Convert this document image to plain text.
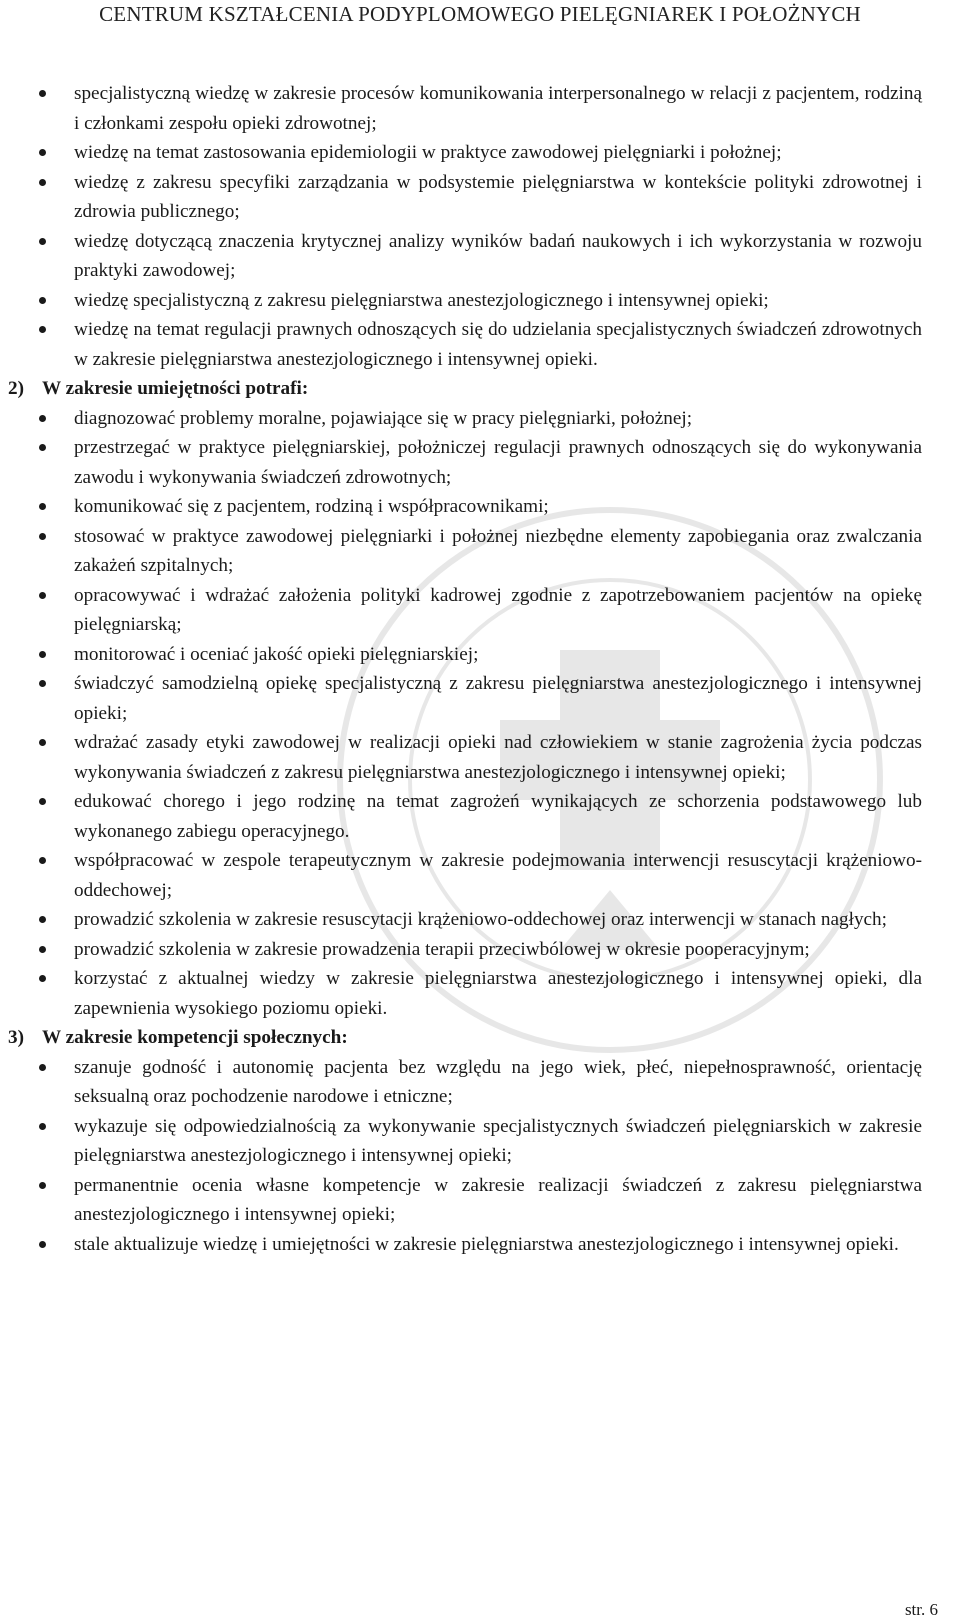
CENTRUM KSZTAŁCENIA PODYPLOMOWEGO PIELĘGNIAREK I POŁOŻNYCH
specjalistyczną wiedzę w zakresie procesów komunikowania interpersonalnego w relacji z pacjentem, rodziną i członkami zespołu opieki zdrowotnej;
wiedzę na temat zastosowania epidemiologii w praktyce zawodowej pielęgniarki i położnej;
wiedzę z zakresu specyfiki zarządzania w podsystemie pielęgniarstwa w kontekście polityki zdrowotnej i zdrowia publicznego;
wiedzę dotyczącą znaczenia krytycznej analizy wyników badań naukowych i ich wykorzystania w rozwoju praktyki zawodowej;
wiedzę specjalistyczną z zakresu pielęgniarstwa anestezjologicznego i intensywnej opieki;
wiedzę na temat regulacji prawnych odnoszących się do udzielania specjalistycznych świadczeń zdrowotnych w zakresie pielęgniarstwa anestezjologicznego i intensywnej opieki.
2) W zakresie umiejętności potrafi:
diagnozować problemy moralne, pojawiające się w pracy pielęgniarki, położnej;
przestrzegać w praktyce pielęgniarskiej, położniczej regulacji prawnych odnoszących się do wykonywania zawodu i wykonywania świadczeń zdrowotnych;
komunikować się z pacjentem, rodziną i współpracownikami;
stosować w praktyce zawodowej pielęgniarki i położnej niezbędne elementy zapobiegania oraz zwalczania zakażeń szpitalnych;
opracowywać i wdrażać założenia polityki kadrowej zgodnie z zapotrzebowaniem pacjentów na opiekę pielęgniarską;
monitorować i oceniać jakość opieki pielęgniarskiej;
świadczyć samodzielną opiekę specjalistyczną z zakresu pielęgniarstwa anestezjologicznego i intensywnej opieki;
wdrażać zasady etyki zawodowej w realizacji opieki nad człowiekiem w stanie zagrożenia życia podczas wykonywania świadczeń z zakresu pielęgniarstwa anestezjologicznego i intensywnej opieki;
edukować chorego i jego rodzinę na temat zagrożeń wynikających ze schorzenia podstawowego lub wykonanego zabiegu operacyjnego.
współpracować w zespole terapeutycznym w zakresie podejmowania interwencji resuscytacji krążeniowo-oddechowej;
prowadzić szkolenia w zakresie resuscytacji krążeniowo-oddechowej oraz interwencji w stanach nagłych;
prowadzić szkolenia w zakresie prowadzenia terapii przeciwbólowej w okresie pooperacyjnym;
korzystać z aktualnej wiedzy w zakresie pielęgniarstwa anestezjologicznego i intensywnej opieki, dla zapewnienia wysokiego poziomu opieki.
3) W zakresie kompetencji społecznych:
szanuje godność i autonomię pacjenta bez względu na jego wiek, płeć, niepełnosprawność, orientację seksualną oraz pochodzenie narodowe i etniczne;
wykazuje się odpowiedzialnością za wykonywanie specjalistycznych świadczeń pielęgniarskich w zakresie pielęgniarstwa anestezjologicznego i intensywnej opieki;
permanentnie ocenia własne kompetencje w zakresie realizacji świadczeń z zakresu pielęgniarstwa anestezjologicznego i intensywnej opieki;
stale aktualizuje wiedzę i umiejętności w zakresie pielęgniarstwa anestezjologicznego i intensywnej opieki.
str. 6
